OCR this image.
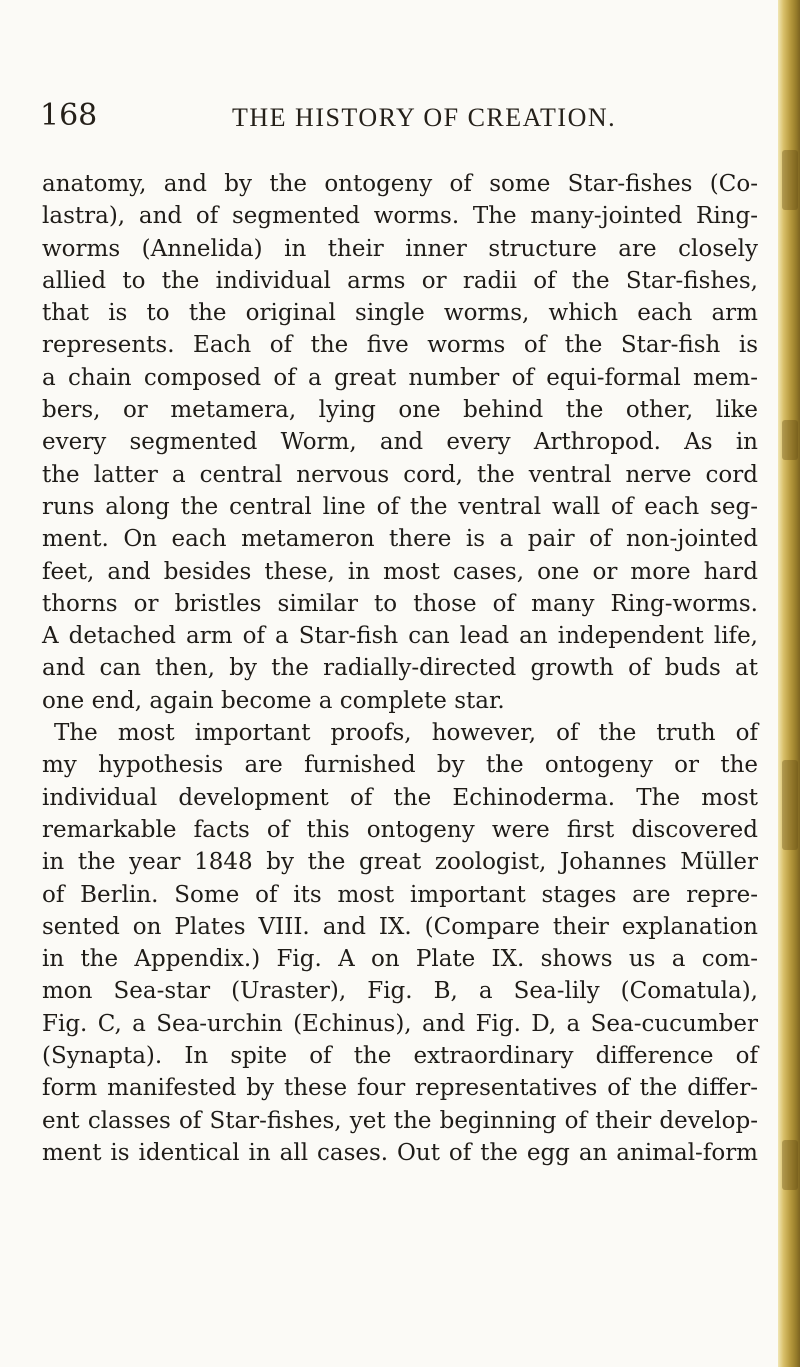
168	THE HISTORY OF CREATION.
anatomy, and by the ontogeny of some Star-fishes (Co-
lastra), and of segmented worms. The many-jointed Ring-
worms (Annelida) in their inner structure are closely
allied to the individual arms or radii of the Star-fishes,
that is to the original single worms, which each arm
represents. Each of the five worms of the Star-fish is
a chain composed of a great number of equi-formal mem-
bers, or metamera, lying one behind the other, like
every segmented Worm, and every Arthropod. As in
the latter a central nervous cord, the ventral nerve cord
runs along the central line of the ventral wall of each seg-
ment. On each metameron there is a pair of non-jointed
feet, and besides these, in most cases, one or more hard
thorns or bristles similar to those of many Ring-worms.
A detached arm of a Star-fish can lead an independent life,
and can then, by the radially-directed growth of buds at
one end, again become a complete star.
The most important proofs, however, of the truth of
my hypothesis are furnished by the ontogeny or the
individual development of the Echinoderma. The most
remarkable facts of this ontogeny were first discovered
in the year 1848 by the great zoologist, Johannes Müller
of Berlin. Some of its most important stages are repre-
sented on Plates VIII. and IX. (Compare their explanation
in the Appendix.) Fig. A on Plate IX. shows us a com-
mon Sea-star (Uraster), Fig. B, a Sea-lily (Comatula),
Fig. C, a Sea-urchin (Echinus), and Fig. D, a Sea-cucumber
(Synapta). In spite of the extraordinary difference of
form manifested by these four representatives of the differ-
ent classes of Star-fishes, yet the beginning of their develop-
ment is identical in all cases. Out of the egg an animal-form
